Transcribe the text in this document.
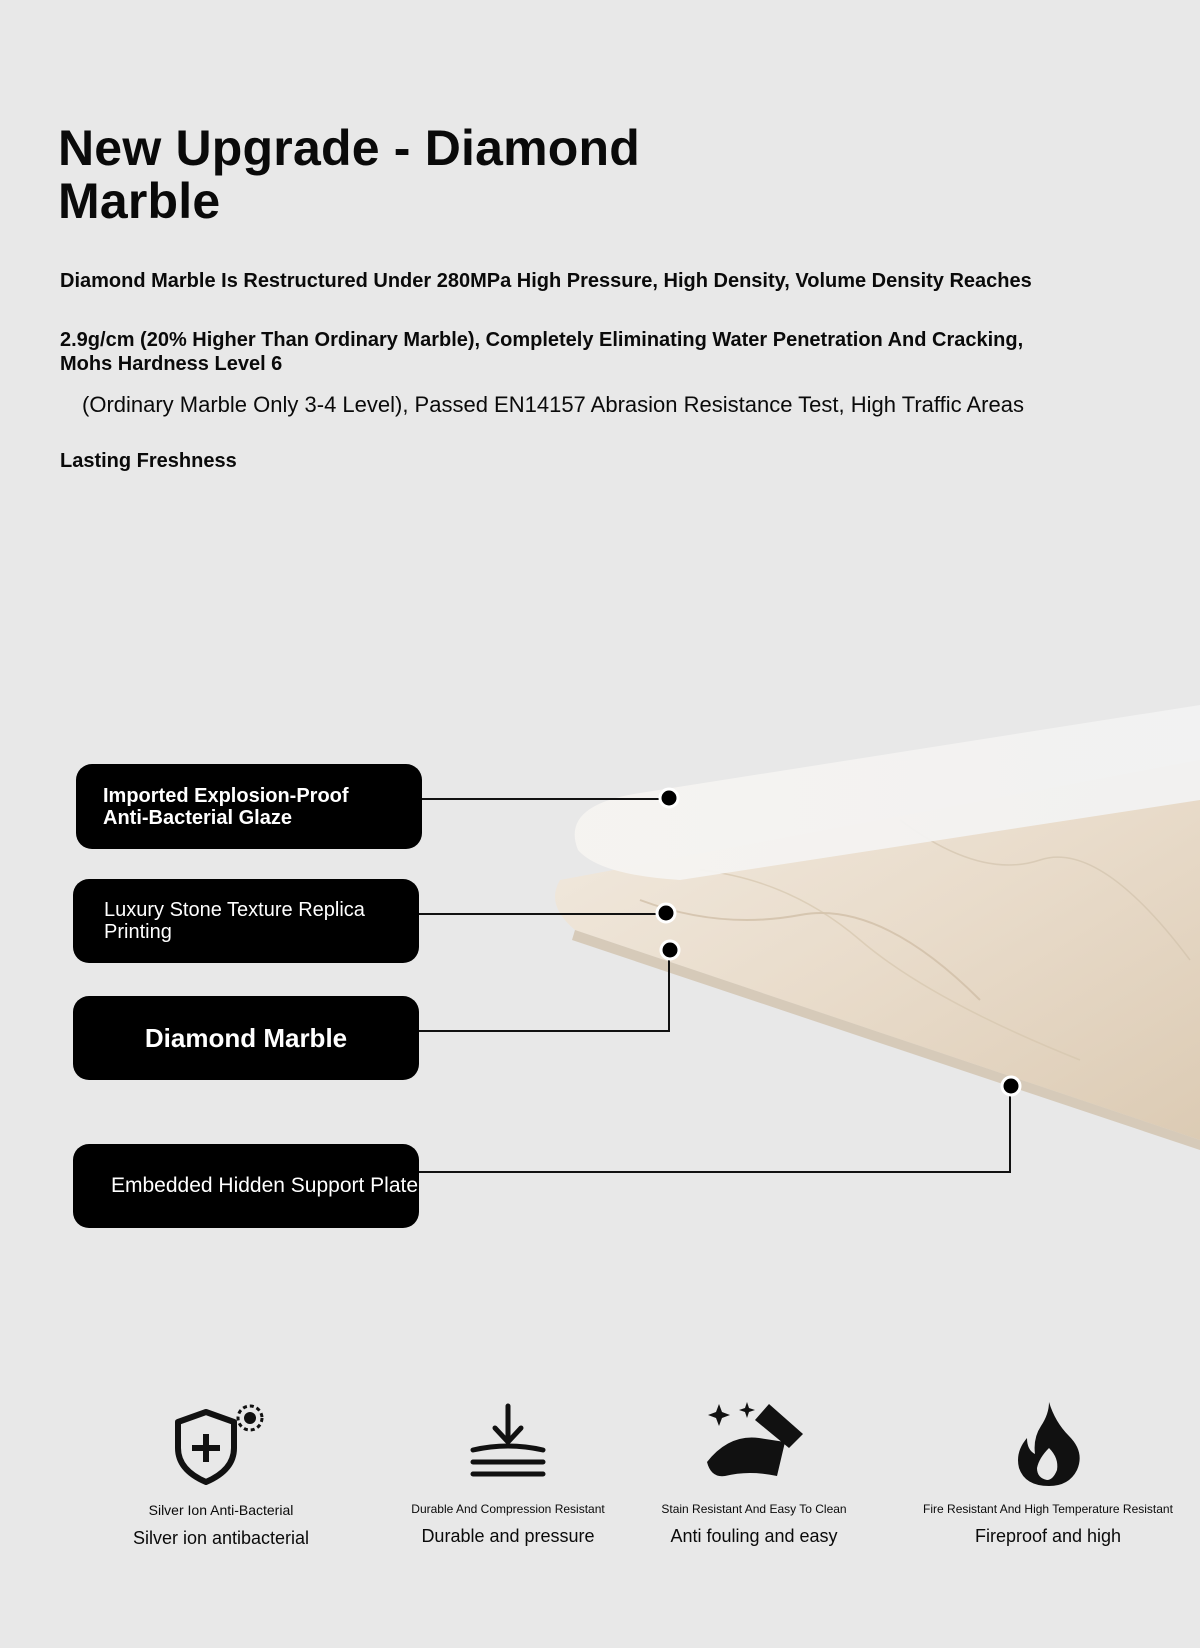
New Upgrade - Diamond Marble
Diamond Marble Is Restructured Under 280MPa High Pressure, High Density, Volume Density Reaches
2.9g/cm (20% Higher Than Ordinary Marble), Completely Eliminating Water Penetration And Cracking, Mohs Hardness Level 6
(Ordinary Marble Only 3-4 Level), Passed EN14157 Abrasion Resistance Test, High Traffic Areas
Lasting Freshness
Imported Explosion-Proof Anti-Bacterial Glaze
Luxury Stone Texture Replica Printing
Diamond Marble
Embedded Hidden Support Plate
Silver Ion Anti-Bacterial
Silver ion antibacterial
Durable And Compression Resistant
Durable and pressure
Stain Resistant And Easy To Clean
Anti fouling and easy
Fire Resistant And High Temperature Resistant
Fireproof and high
